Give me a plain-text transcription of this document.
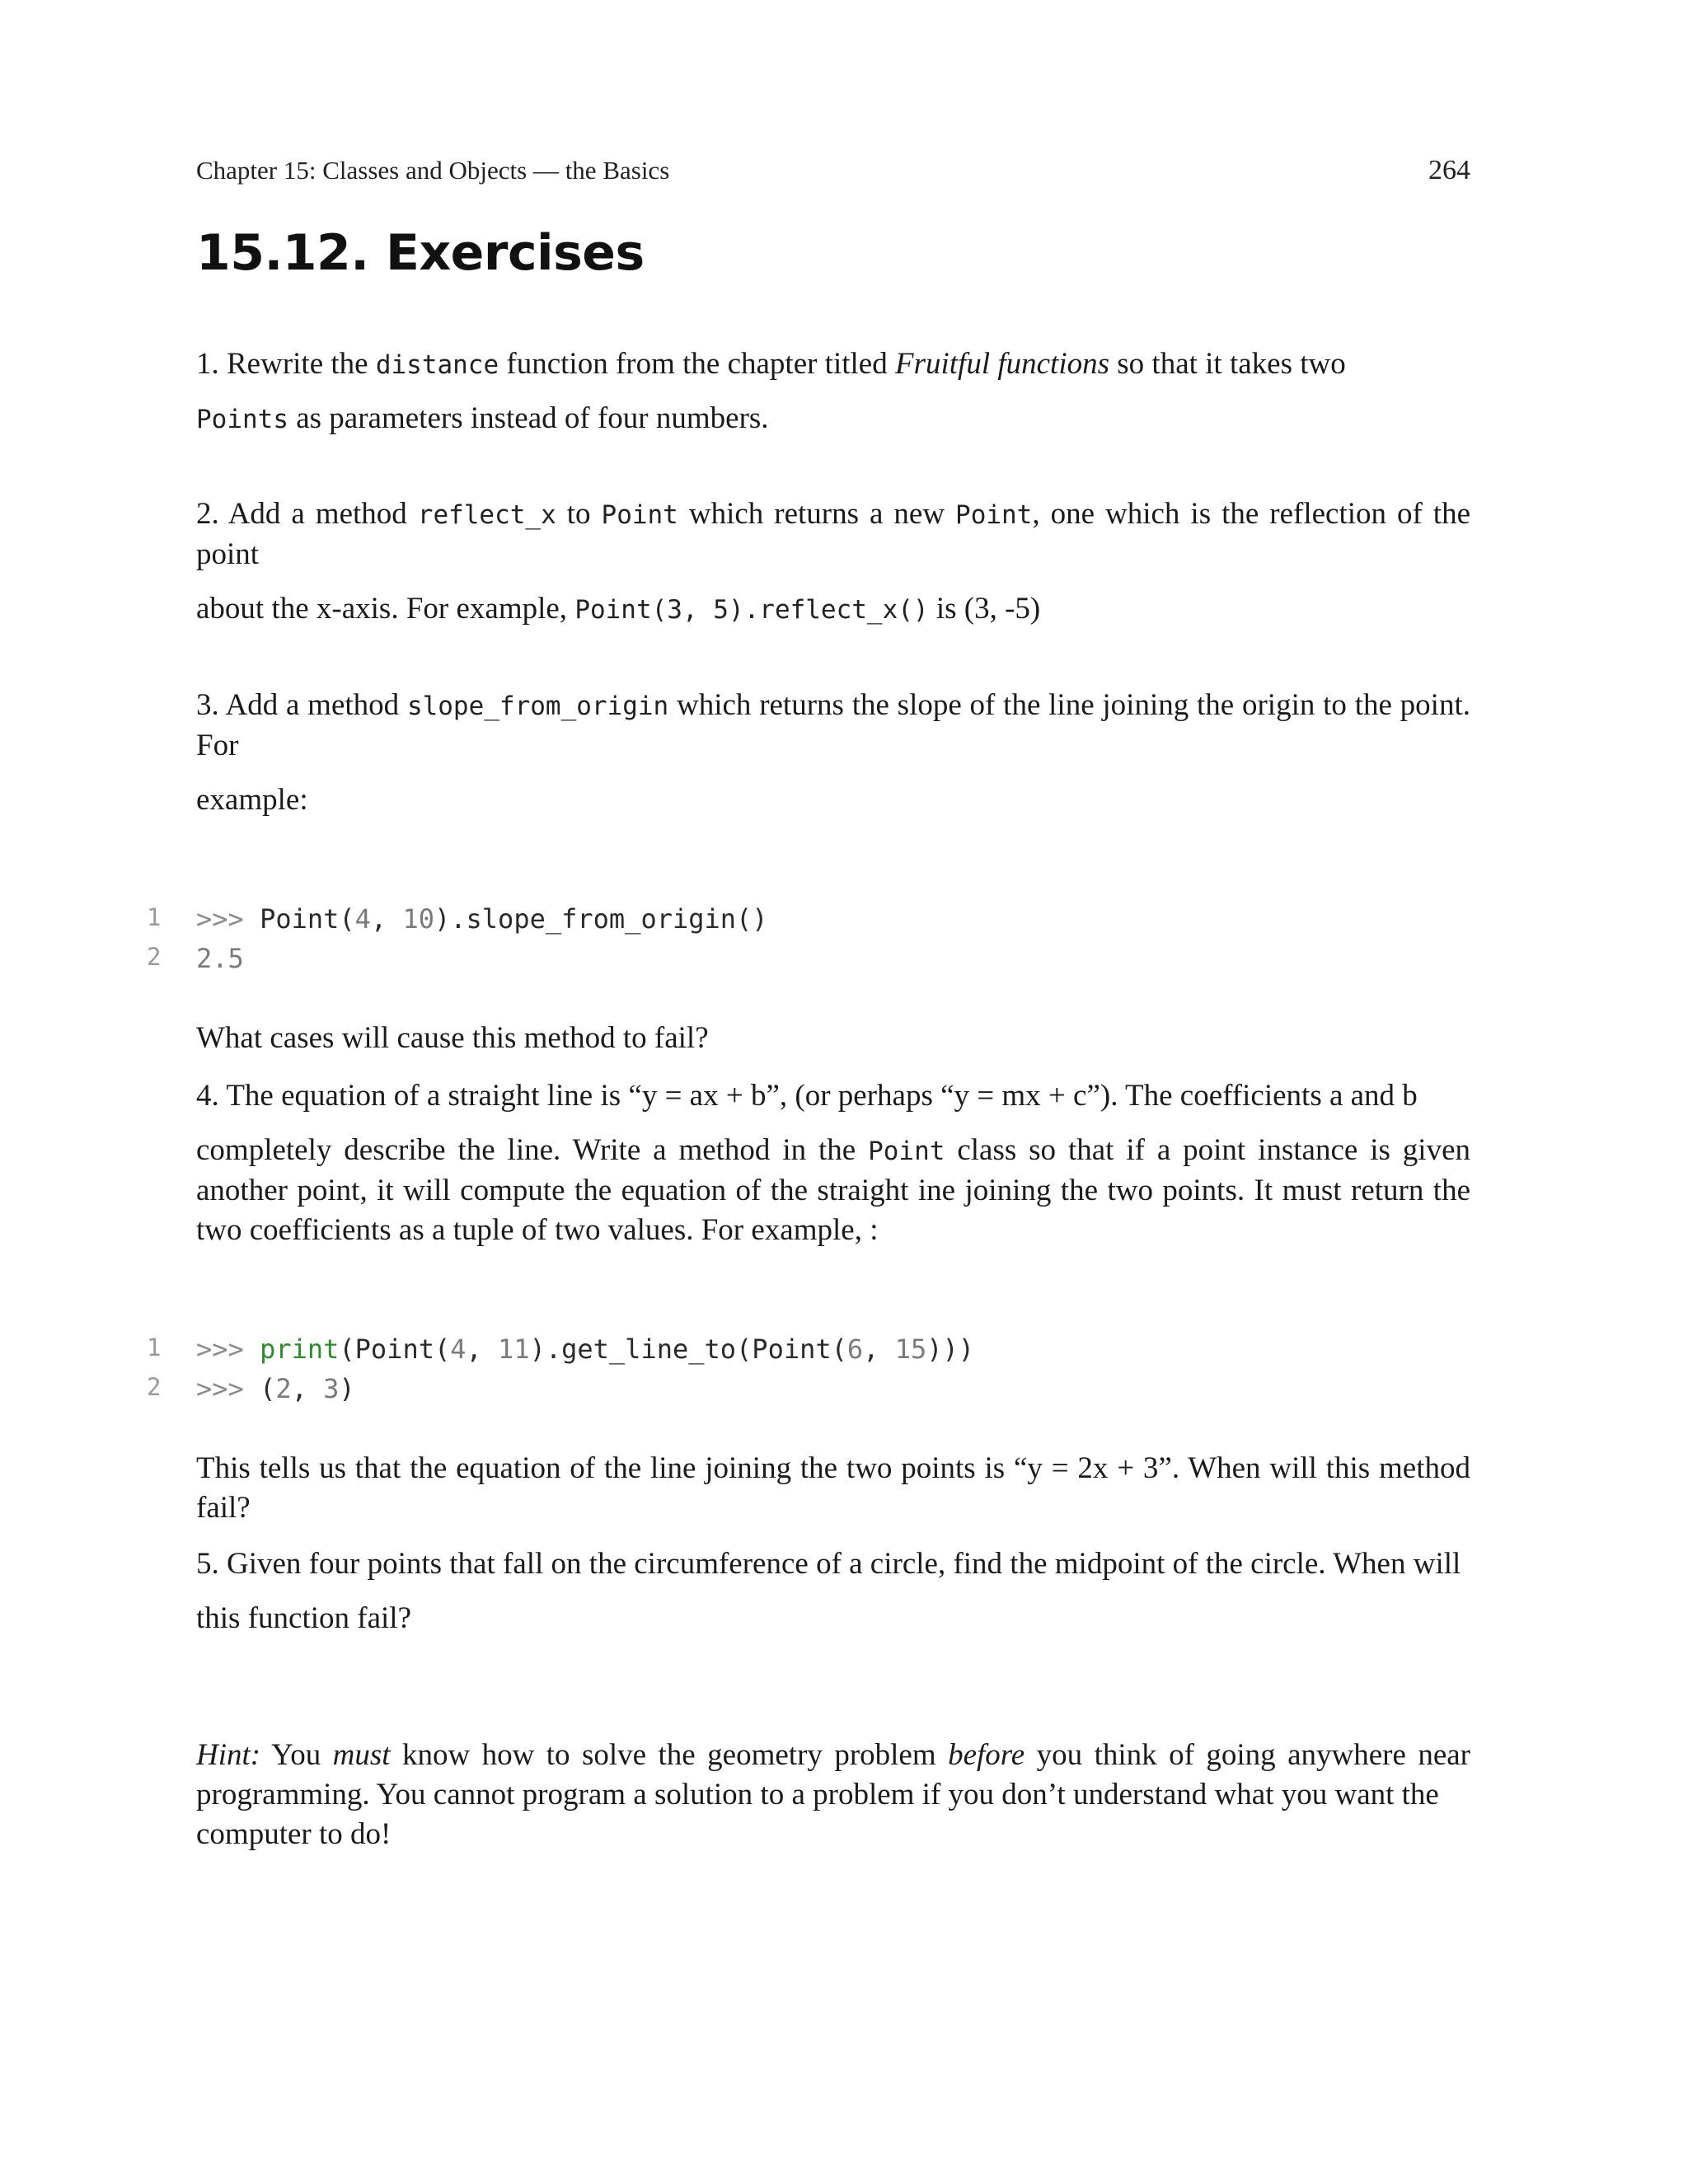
Chapter 15: Classes and Objects — the Basics	264
15.12. Exercises
1. Rewrite the distance function from the chapter titled Fruitful functions so that it takes two
Points as parameters instead of four numbers.
2. Add a method reflect_x to Point which returns a new Point, one which is the reflection of the point
about the x-axis. For example, Point(3, 5).reflect_x() is (3, -5)
3. Add a method slope_from_origin which returns the slope of the line joining the origin to the point. For
example:
1 >>> Point(4, 10).slope_from_origin()
2 2.5
What cases will cause this method to fail?
4. The equation of a straight line is “y = ax + b”, (or perhaps “y = mx + c”). The coefficients a and b
completely describe the line. Write a method in the Point class so that if a point instance is given another point, it will compute the equation of the straight ine joining the two points. It must return the two coefficients as a tuple of two values. For example, :
1 >>> print(Point(4, 11).get_line_to(Point(6, 15)))
2 >>> (2, 3)
This tells us that the equation of the line joining the two points is “y = 2x + 3”. When will this method fail?
5. Given four points that fall on the circumference of a circle, find the midpoint of the circle. When will
this function fail?
Hint: You must know how to solve the geometry problem before you think of going anywhere near programming. You cannot program a solution to a problem if you don’t understand what you want the
computer to do!
